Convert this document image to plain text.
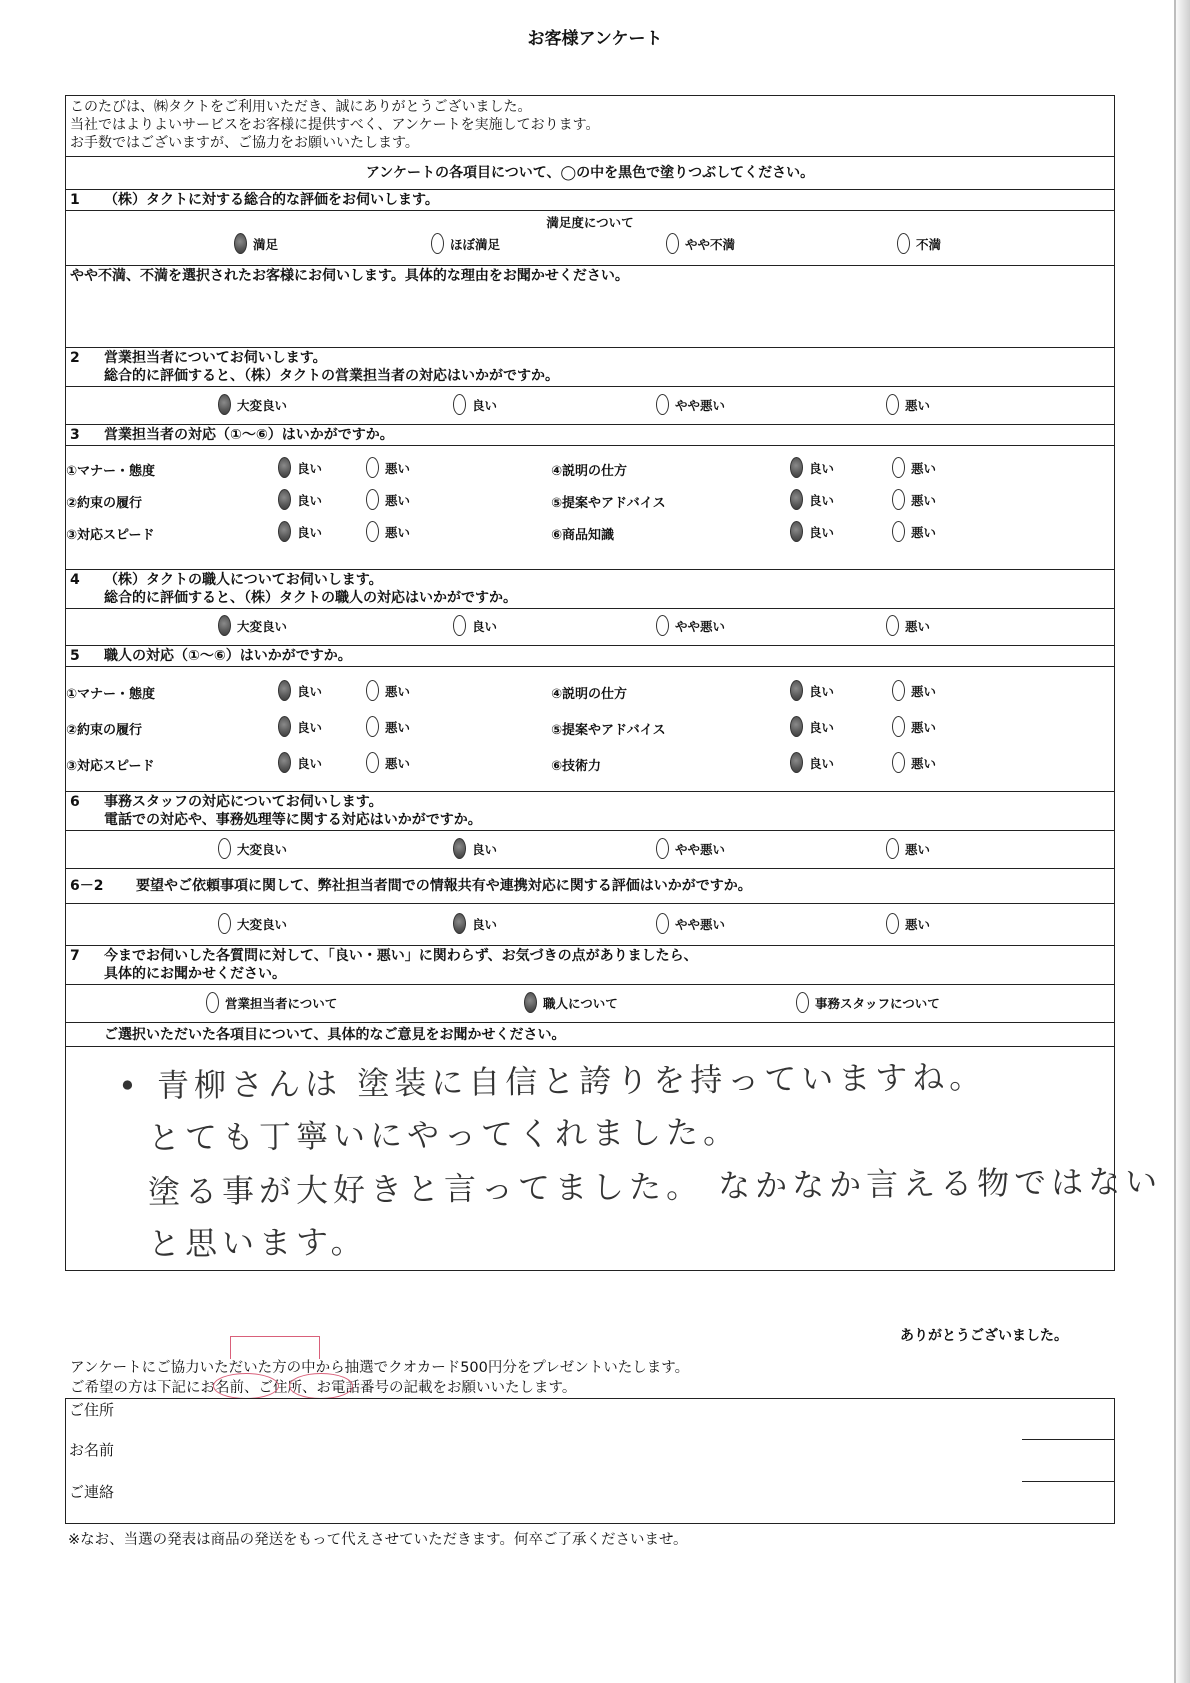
お客様アンケート
このたびは、㈱タクトをご利用いただき、誠にありがとうございました。
当社ではよりよいサービスをお客様に提供すべく、アンケートを実施しております。
お手数ではございますが、ご協力をお願いいたします。
アンケートの各項目について、◯の中を黒色で塗りつぶしてください。
1 （株）タクトに対する総合的な評価をお伺いします。
満足度について
満足	ほぼ満足	やや不満	不満
やや不満、不満を選択されたお客様にお伺いします。具体的な理由をお聞かせください。
2 営業担当者についてお伺いします。
総合的に評価すると、（株）タクトの営業担当者の対応はいかがですか。
大変良い	良い	やや悪い	悪い
3 営業担当者の対応（①～⑥）はいかがですか。
①マナー・態度	良い	悪い	④説明の仕方	良い	悪い
②約束の履行	良い	悪い	⑤提案やアドバイス	良い	悪い
③対応スピード	良い	悪い	⑥商品知識	良い	悪い
4 （株）タクトの職人についてお伺いします。
総合的に評価すると、（株）タクトの職人の対応はいかがですか。
大変良い	良い	やや悪い	悪い
5 職人の対応（①～⑥）はいかがですか。
①マナー・態度	良い	悪い	④説明の仕方	良い	悪い
②約束の履行	良い	悪い	⑤提案やアドバイス	良い	悪い
③対応スピード	良い	悪い	⑥技術力	良い	悪い
6 事務スタッフの対応についてお伺いします。
電話での対応や、事務処理等に関する対応はいかがですか。
大変良い	良い	やや悪い	悪い
6－2 要望やご依頼事項に関して、弊社担当者間での情報共有や連携対応に関する評価はいかがですか。
大変良い	良い	やや悪い	悪い
7 今までお伺いした各質問に対して、「良い・悪い」に関わらず、お気づきの点がありましたら、
具体的にお聞かせください。
営業担当者について	職人について	事務スタッフについて
ご選択いただいた各項目について、具体的なご意見をお聞かせください。
• 青柳さんは 塗装に自信と誇りを持っていますね。
とても丁寧いにやってくれました。
塗る事が大好きと言ってました。 なかなか言える物ではない
と思います。
ありがとうございました。
アンケートにご協力いただいた方の中から抽選でクオカード500円分をプレゼントいたします。
ご希望の方は下記にお名前、ご住所、お電話番号の記載をお願いいたします。
ご住所
お名前
ご連絡
※なお、当選の発表は商品の発送をもって代えさせていただきます。何卒ご了承くださいませ。
